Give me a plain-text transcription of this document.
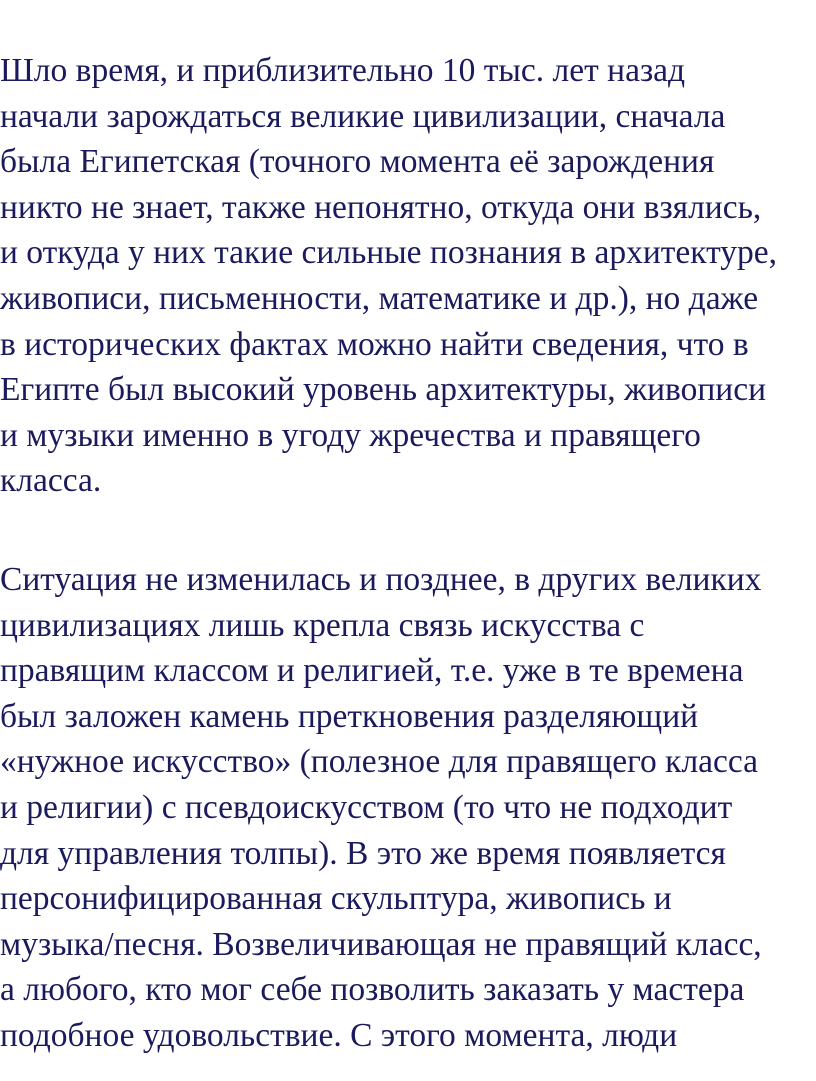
Шло время, и приблизительно 10 тыс. лет назад
начали зарождаться великие цивилизации, сначала
была Египетская (точного момента её зарождения
никто не знает, также непонятно, откуда они взялись,
и откуда у них такие сильные познания в архитектуре,
живописи, письменности, математике и др.), но даже
в исторических фактах можно найти сведения, что в
Египте был высокий уровень архитектуры, живописи
и музыки именно в угоду жречества и правящего
класса.

Ситуация не изменилась и позднее, в других великих
цивилизациях лишь крепла связь искусства с
правящим классом и религией, т.е. уже в те времена
был заложен камень преткновения разделяющий
«нужное искусство» (полезное для правящего класса
и религии) с псевдоискусством (то что не подходит
для управления толпы). В это же время появляется
персонифицированная скульптура, живопись и
музыка/песня. Возвеличивающая не правящий класс,
а любого, кто мог себе позволить заказать у мастера
подобное удовольствие. С этого момента, люди
